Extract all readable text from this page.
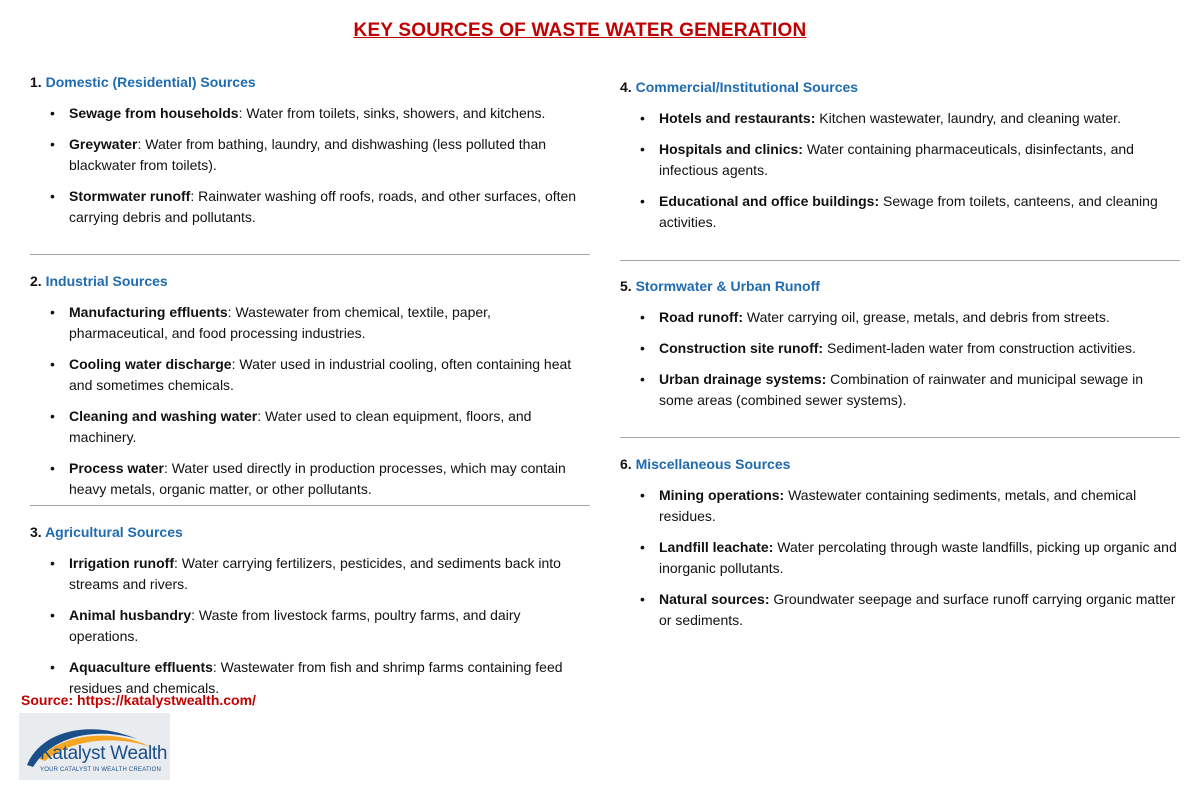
KEY SOURCES OF WASTE WATER GENERATION
1. Domestic (Residential) Sources
• Sewage from households: Water from toilets, sinks, showers, and kitchens.
• Greywater: Water from bathing, laundry, and dishwashing (less polluted than blackwater from toilets).
• Stormwater runoff: Rainwater washing off roofs, roads, and other surfaces, often carrying debris and pollutants.
2. Industrial Sources
• Manufacturing effluents: Wastewater from chemical, textile, paper, pharmaceutical, and food processing industries.
• Cooling water discharge: Water used in industrial cooling, often containing heat and sometimes chemicals.
• Cleaning and washing water: Water used to clean equipment, floors, and machinery.
• Process water: Water used directly in production processes, which may contain heavy metals, organic matter, or other pollutants.
3. Agricultural Sources
• Irrigation runoff: Water carrying fertilizers, pesticides, and sediments back into streams and rivers.
• Animal husbandry: Waste from livestock farms, poultry farms, and dairy operations.
• Aquaculture effluents: Wastewater from fish and shrimp farms containing feed residues and chemicals.
4. Commercial/Institutional Sources
• Hotels and restaurants: Kitchen wastewater, laundry, and cleaning water.
• Hospitals and clinics: Water containing pharmaceuticals, disinfectants, and infectious agents.
• Educational and office buildings: Sewage from toilets, canteens, and cleaning activities.
5. Stormwater & Urban Runoff
• Road runoff: Water carrying oil, grease, metals, and debris from streets.
• Construction site runoff: Sediment-laden water from construction activities.
• Urban drainage systems: Combination of rainwater and municipal sewage in some areas (combined sewer systems).
6. Miscellaneous Sources
• Mining operations: Wastewater containing sediments, metals, and chemical residues.
• Landfill leachate: Water percolating through waste landfills, picking up organic and inorganic pollutants.
• Natural sources: Groundwater seepage and surface runoff carrying organic matter or sediments.
Source: https://katalystwealth.com/
Katalyst Wealth
YOUR CATALYST IN WEALTH CREATION
